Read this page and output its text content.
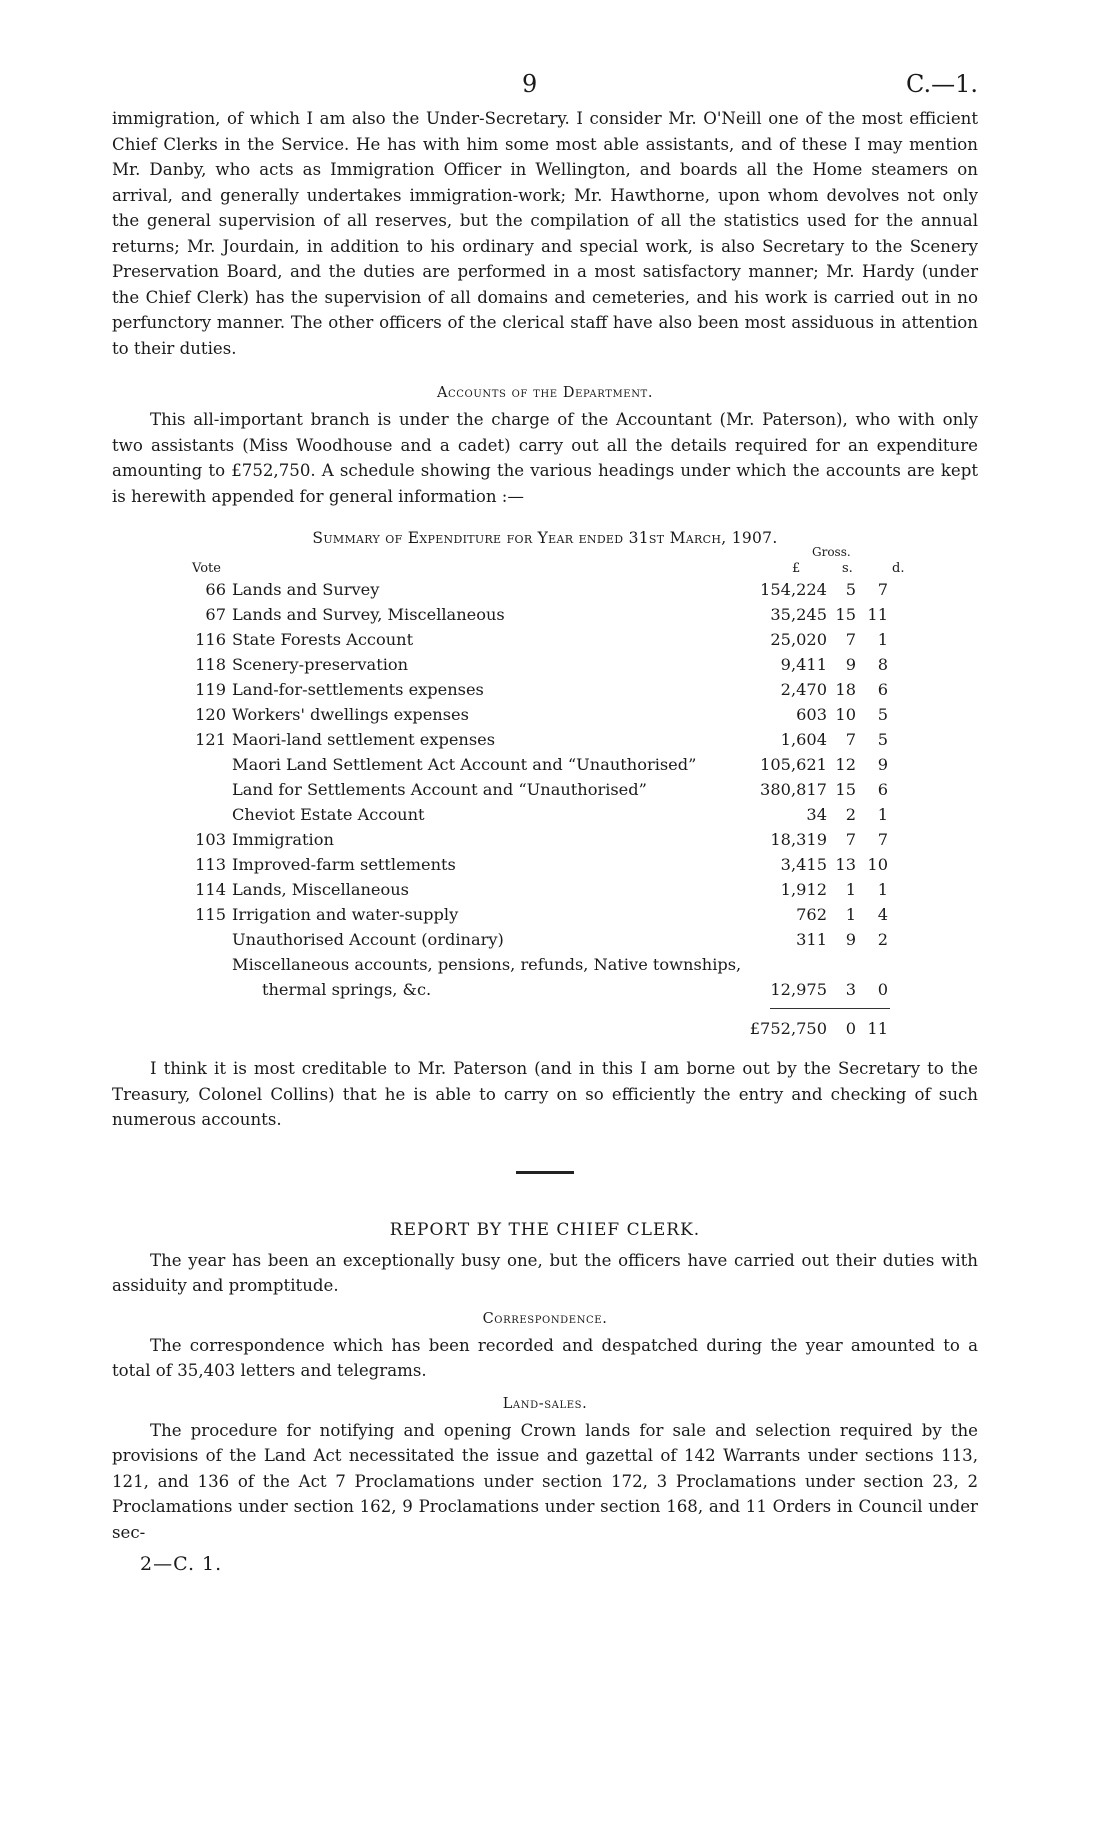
9	C.—1.

immigration, of which I am also the Under-Secretary. I consider Mr. O'Neill one of the most efficient Chief Clerks in the Service. He has with him some most able assistants, and of these I may mention Mr. Danby, who acts as Immigration Officer in Wellington, and boards all the Home steamers on arrival, and generally undertakes immigration-work; Mr. Hawthorne, upon whom devolves not only the general supervision of all reserves, but the compilation of all the statistics used for the annual returns; Mr. Jourdain, in addition to his ordinary and special work, is also Secretary to the Scenery Preservation Board, and the duties are performed in a most satisfactory manner; Mr. Hardy (under the Chief Clerk) has the supervision of all domains and cemeteries, and his work is carried out in no perfunctory manner. The other officers of the clerical staff have also been most assiduous in attention to their duties.

Accounts of the Department.

This all-important branch is under the charge of the Accountant (Mr. Paterson), who with only two assistants (Miss Woodhouse and a cadet) carry out all the details required for an expenditure amounting to £752,750. A schedule showing the various headings under which the accounts are kept is herewith appended for general information :—

Summary of Expenditure for Year ended 31st March, 1907.
Gross.
Vote	£	s.	d.
66 Lands and Survey	154,224	5	7
67 Lands and Survey, Miscellaneous	35,245 15 11
116 State Forests Account	25,020	7	1
118 Scenery-preservation	9,411	9	8
119 Land-for-settlements expenses	2,470 18	6
120 Workers' dwellings expenses	603 10	5
121 Maori-land settlement expenses	1,604	7	5
Maori Land Settlement Act Account and “Unauthorised”	105,621 12	9
Land for Settlements Account and “Unauthorised”	380,817 15	6
Cheviot Estate Account	34	2	1
103 Immigration	18,319	7	7
113 Improved-farm settlements	3,415 13 10
114 Lands, Miscellaneous	1,912	1	1
115 Irrigation and water-supply	762	1	4
Unauthorised Account (ordinary)	311	9	2
Miscellaneous accounts, pensions, refunds, Native townships,
thermal springs, &c.	12,975	3	0
£752,750	0 11

I think it is most creditable to Mr. Paterson (and in this I am borne out by the Secretary to the Treasury, Colonel Collins) that he is able to carry on so efficiently the entry and checking of such numerous accounts.

REPORT BY THE CHIEF CLERK.

The year has been an exceptionally busy one, but the officers have carried out their duties with assiduity and promptitude.

Correspondence.

The correspondence which has been recorded and despatched during the year amounted to a total of 35,403 letters and telegrams.

Land-sales.

The procedure for notifying and opening Crown lands for sale and selection required by the provisions of the Land Act necessitated the issue and gazettal of 142 Warrants under sections 113, 121, and 136 of the Act 7 Proclamations under section 172, 3 Proclamations under section 23, 2 Proclamations under section 162, 9 Proclamations under section 168, and 11 Orders in Council under sec-

2—C. 1.
